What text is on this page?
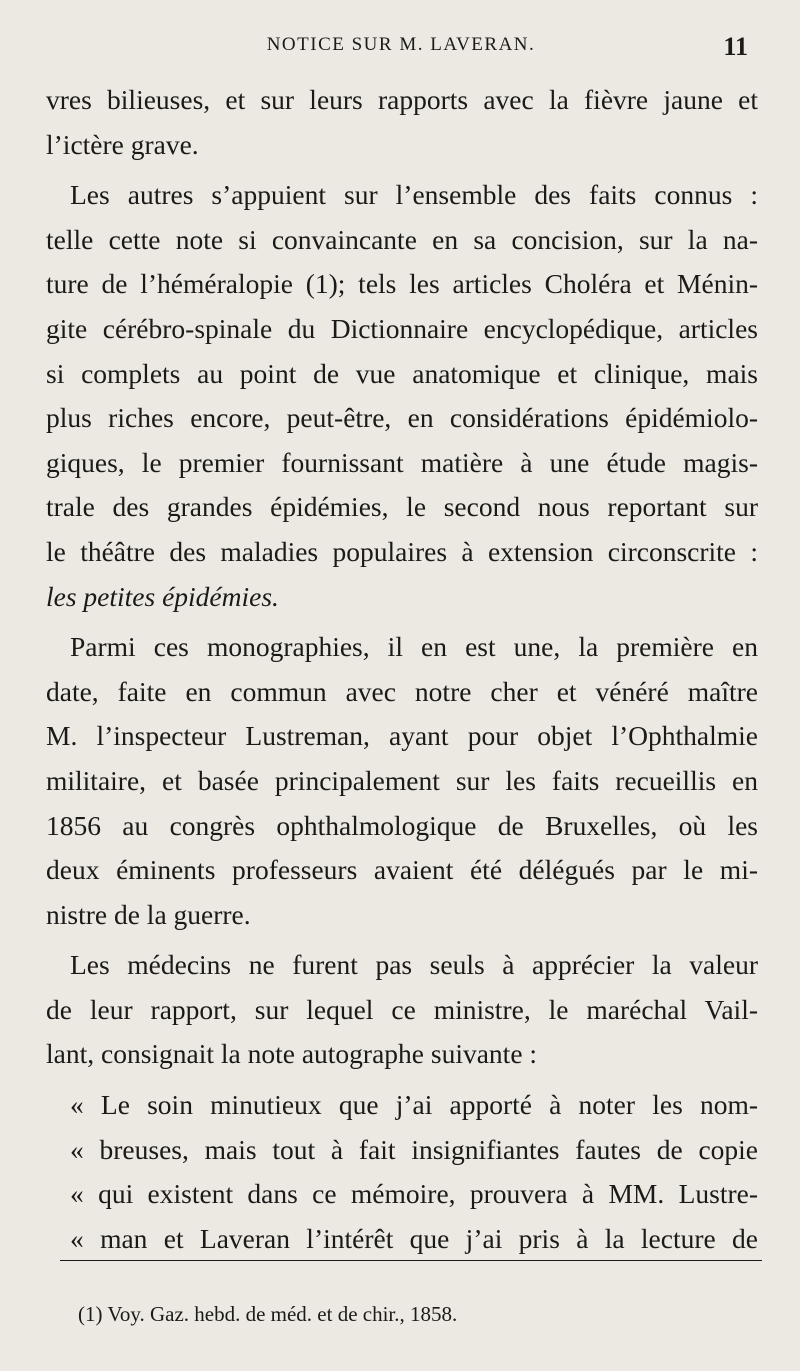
NOTICE SUR M. LAVERAN.	11
vres bilieuses, et sur leurs rapports avec la fièvre jaune et
l’ictère grave.
Les autres s’appuient sur l’ensemble des faits connus :
telle cette note si convaincante en sa concision, sur la na-
ture de l’héméralopie (1); tels les articles Choléra et Ménin-
gite cérébro-spinale du Dictionnaire encyclopédique, articles
si complets au point de vue anatomique et clinique, mais
plus riches encore, peut-être, en considérations épidémiolo-
giques, le premier fournissant matière à une étude magis-
trale des grandes épidémies, le second nous reportant sur
le théâtre des maladies populaires à extension circonscrite :
les petites épidémies.
Parmi ces monographies, il en est une, la première en
date, faite en commun avec notre cher et vénéré maître
M. l’inspecteur Lustreman, ayant pour objet l’Ophthalmie
militaire, et basée principalement sur les faits recueillis en
1856 au congrès ophthalmologique de Bruxelles, où les
deux éminents professeurs avaient été délégués par le mi-
nistre de la guerre.
Les médecins ne furent pas seuls à apprécier la valeur
de leur rapport, sur lequel ce ministre, le maréchal Vail-
lant, consignait la note autographe suivante :
« Le soin minutieux que j’ai apporté à noter les nom-
« breuses, mais tout à fait insignifiantes fautes de copie
« qui existent dans ce mémoire, prouvera à MM. Lustre-
« man et Laveran l’intérêt que j’ai pris à la lecture de
(1) Voy. Gaz. hebd. de méd. et de chir., 1858.
